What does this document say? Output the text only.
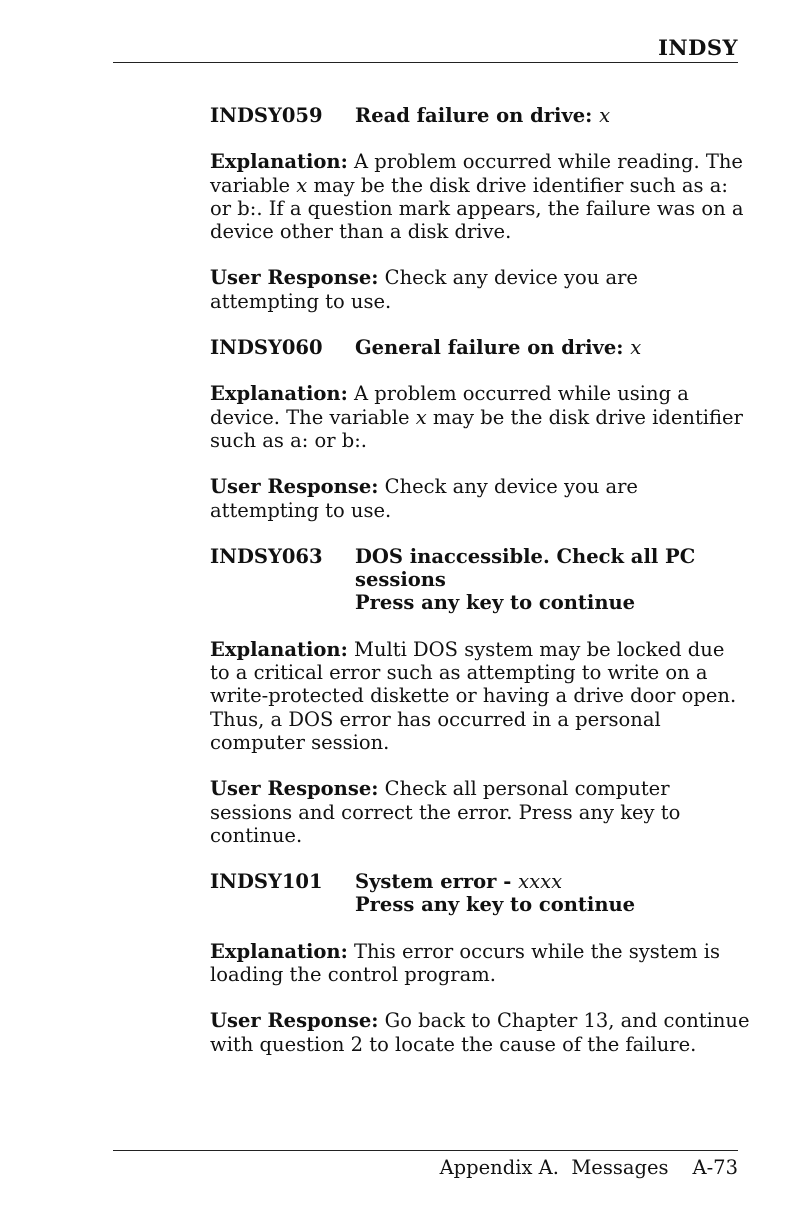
INDSY
INDSY059	Read failure on drive: x

Explanation: A problem occurred while reading. The variable x may be the disk drive identifier such as a: or b:. If a question mark appears, the failure was on a device other than a disk drive.

User Response: Check any device you are attempting to use.

INDSY060	General failure on drive: x

Explanation: A problem occurred while using a device. The variable x may be the disk drive identifier such as a: or b:.

User Response: Check any device you are attempting to use.

INDSY063	DOS inaccessible. Check all PC
sessions
Press any key to continue

Explanation: Multi DOS system may be locked due to a critical error such as attempting to write on a write-protected diskette or having a drive door open. Thus, a DOS error has occurred in a personal computer session.

User Response: Check all personal computer sessions and correct the error. Press any key to continue.

INDSY101	System error - xxxx
Press any key to continue

Explanation: This error occurs while the system is loading the control program.

User Response: Go back to Chapter 13, and continue with question 2 to locate the cause of the failure.

Appendix A.  Messages A-73
